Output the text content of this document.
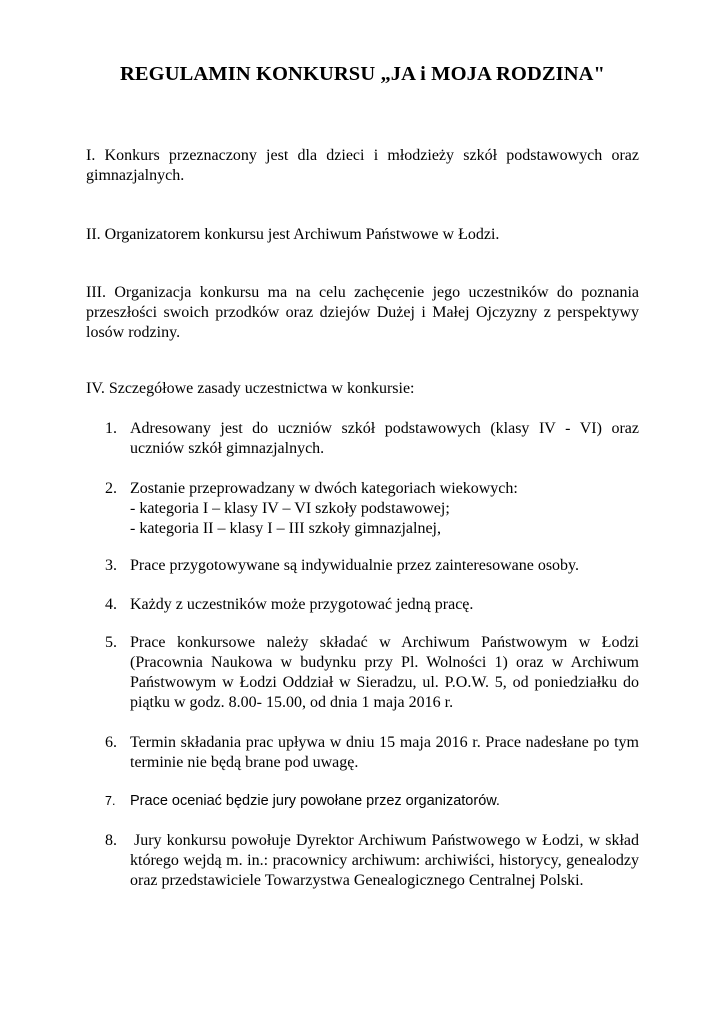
REGULAMIN KONKURSU „JA i MOJA RODZINA"

I. Konkurs przeznaczony jest dla dzieci i młodzieży szkół podstawowych oraz gimnazjalnych.

II. Organizatorem konkursu jest Archiwum Państwowe w Łodzi.

III. Organizacja konkursu ma na celu zachęcenie jego uczestników do poznania przeszłości swoich przodków oraz dziejów Dużej i Małej Ojczyzny z perspektywy losów rodziny.

IV. Szczegółowe zasady uczestnictwa w konkursie:

1. Adresowany jest do uczniów szkół podstawowych (klasy IV - VI) oraz uczniów szkół gimnazjalnych.
2. Zostanie przeprowadzany w dwóch kategoriach wiekowych:
- kategoria I – klasy IV – VI szkoły podstawowej;
- kategoria II – klasy I – III szkoły gimnazjalnej,
3. Prace przygotowywane są indywidualnie przez zainteresowane osoby.
4. Każdy z uczestników może przygotować jedną pracę.
5. Prace konkursowe należy składać w Archiwum Państwowym w Łodzi (Pracownia Naukowa w budynku przy Pl. Wolności 1) oraz w Archiwum Państwowym w Łodzi Oddział w Sieradzu, ul. P.O.W. 5, od poniedziałku do piątku w godz. 8.00- 15.00, od dnia 1 maja 2016 r.
6. Termin składania prac upływa w dniu 15 maja 2016 r. Prace nadesłane po tym terminie nie będą brane pod uwagę.
7.	Prace oceniać będzie jury powołane przez organizatorów.
8.	Jury konkursu powołuje Dyrektor Archiwum Państwowego w Łodzi, w skład którego wejdą m. in.: pracownicy archiwum: archiwiści, historycy, genealodzy oraz przedstawiciele Towarzystwa Genealogicznego Centralnej Polski.
